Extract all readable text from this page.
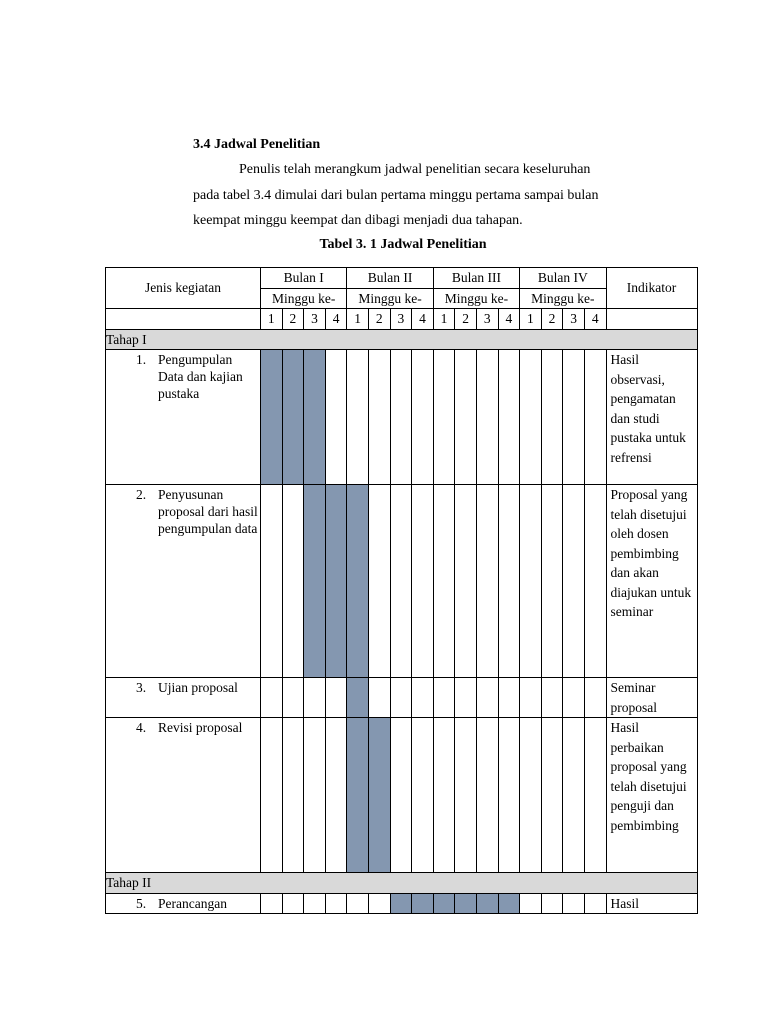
3.4 Jadwal Penelitian
Penulis telah merangkum jadwal penelitian secara keseluruhan
pada tabel 3.4 dimulai dari bulan pertama minggu pertama sampai bulan
keempat minggu keempat dan dibagi menjadi dua tahapan.
Tabel 3. 1 Jadwal Penelitian
Jenis kegiatan	Bulan I				Bulan II				Bulan III				Bulan IV				Indikator
	Minggu ke-				Minggu ke-				Minggu ke-				Minggu ke-				
	1	2	3	4	1	2	3	4	1	2	3	4	1	2	3	4	
Tahap I																	

1. Pengumpulan Data dan kajian pustaka																	Hasil observasi, pengamatan dan studi pustaka untuk refrensi

2. Penyusunan proposal dari hasil pengumpulan data																	Proposal yang telah disetujui oleh dosen pembimbing dan akan diajukan untuk seminar

3. Ujian proposal																	Seminar proposal

4. Revisi proposal																	Hasil perbaikan proposal yang telah disetujui penguji dan pembimbing
Tahap II																	

5. Perancangan																	Hasil
